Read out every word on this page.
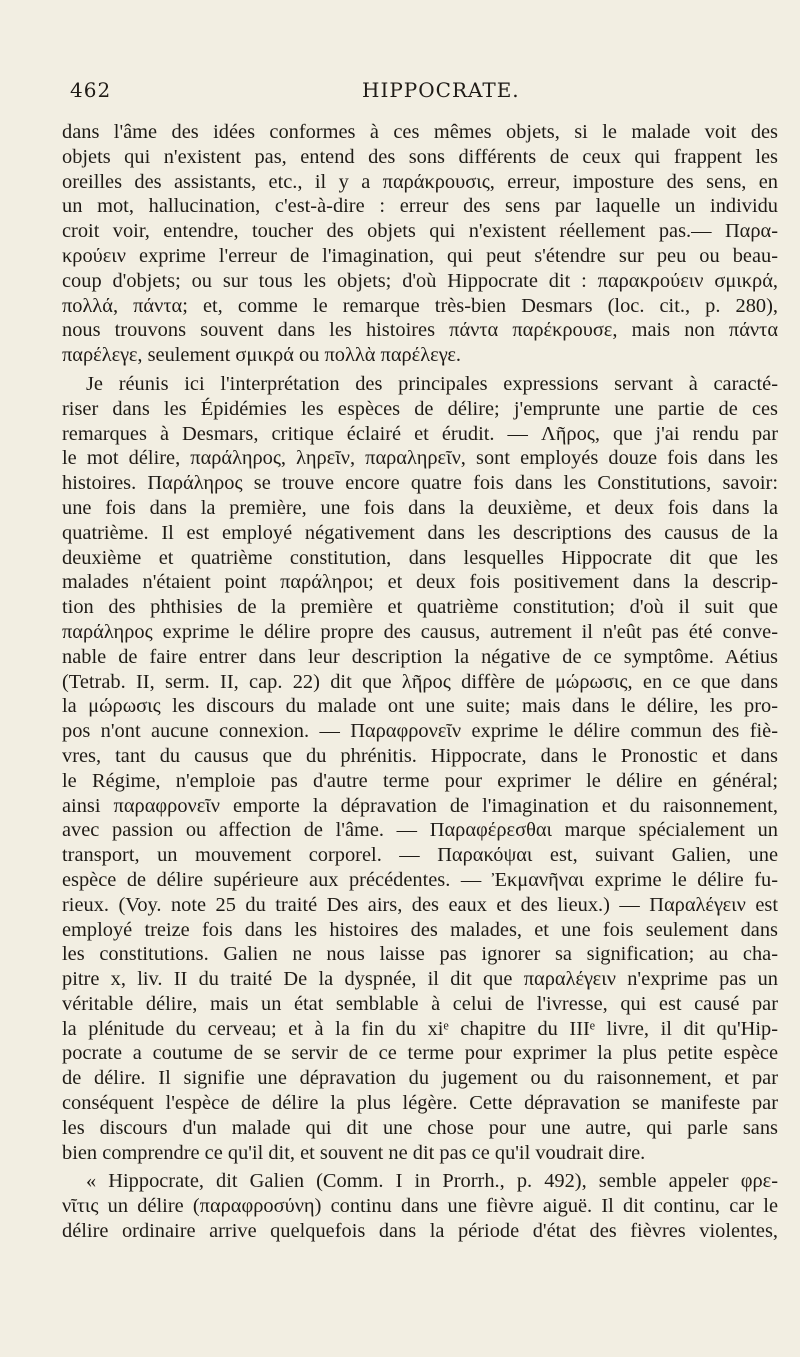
462	HIPPOCRATE.
dans l'âme des idées conformes à ces mêmes objets, si le malade voit des
objets qui n'existent pas, entend des sons différents de ceux qui frappent les
oreilles des assistants, etc., il y a παράκρουσις, erreur, imposture des sens, en
un mot, hallucination, c'est-à-dire : erreur des sens par laquelle un individu
croit voir, entendre, toucher des objets qui n'existent réellement pas.— Παρα-
κρούειν exprime l'erreur de l'imagination, qui peut s'étendre sur peu ou beau-
coup d'objets; ou sur tous les objets; d'où Hippocrate dit : παρακρούειν σμικρά,
πολλά, πάντα; et, comme le remarque très-bien Desmars (loc. cit., p. 280),
nous trouvons souvent dans les histoires πάντα παρέκρουσε, mais non πάντα
παρέλεγε, seulement σμικρά ou πολλὰ παρέλεγε.
Je réunis ici l'interprétation des principales expressions servant à caracté-
riser dans les Épidémies les espèces de délire; j'emprunte une partie de ces
remarques à Desmars, critique éclairé et érudit. — Λῆρος, que j'ai rendu par
le mot délire, παράληρος, ληρεῖν, παραληρεῖν, sont employés douze fois dans les
histoires. Παράληρος se trouve encore quatre fois dans les Constitutions, savoir:
une fois dans la première, une fois dans la deuxième, et deux fois dans la
quatrième. Il est employé négativement dans les descriptions des causus de la
deuxième et quatrième constitution, dans lesquelles Hippocrate dit que les
malades n'étaient point παράληροι; et deux fois positivement dans la descrip-
tion des phthisies de la première et quatrième constitution; d'où il suit que
παράληρος exprime le délire propre des causus, autrement il n'eût pas été conve-
nable de faire entrer dans leur description la négative de ce symptôme. Aétius
(Tetrab. II, serm. II, cap. 22) dit que λῆρος diffère de μώρωσις, en ce que dans
la μώρωσις les discours du malade ont une suite; mais dans le délire, les pro-
pos n'ont aucune connexion. — Παραφρονεῖν exprime le délire commun des fiè-
vres, tant du causus que du phrénitis. Hippocrate, dans le Pronostic et dans
le Régime, n'emploie pas d'autre terme pour exprimer le délire en général;
ainsi παραφρονεῖν emporte la dépravation de l'imagination et du raisonnement,
avec passion ou affection de l'âme. — Παραφέρεσθαι marque spécialement un
transport, un mouvement corporel. — Παρακόψαι est, suivant Galien, une
espèce de délire supérieure aux précédentes. — Ἐκμανῆναι exprime le délire fu-
rieux. (Voy. note 25 du traité Des airs, des eaux et des lieux.) — Παραλέγειν est
employé treize fois dans les histoires des malades, et une fois seulement dans
les constitutions. Galien ne nous laisse pas ignorer sa signification; au cha-
pitre x, liv. II du traité De la dyspnée, il dit que παραλέγειν n'exprime pas un
véritable délire, mais un état semblable à celui de l'ivresse, qui est causé par
la plénitude du cerveau; et à la fin du xiᵉ chapitre du IIIᵉ livre, il dit qu'Hip-
pocrate a coutume de se servir de ce terme pour exprimer la plus petite espèce
de délire. Il signifie une dépravation du jugement ou du raisonnement, et par
conséquent l'espèce de délire la plus légère. Cette dépravation se manifeste par
les discours d'un malade qui dit une chose pour une autre, qui parle sans
bien comprendre ce qu'il dit, et souvent ne dit pas ce qu'il voudrait dire.
« Hippocrate, dit Galien (Comm. I in Prorrh., p. 492), semble appeler φρε-
νῖτις un délire (παραφροσύνη) continu dans une fièvre aiguë. Il dit continu, car le
délire ordinaire arrive quelquefois dans la période d'état des fièvres violentes,
